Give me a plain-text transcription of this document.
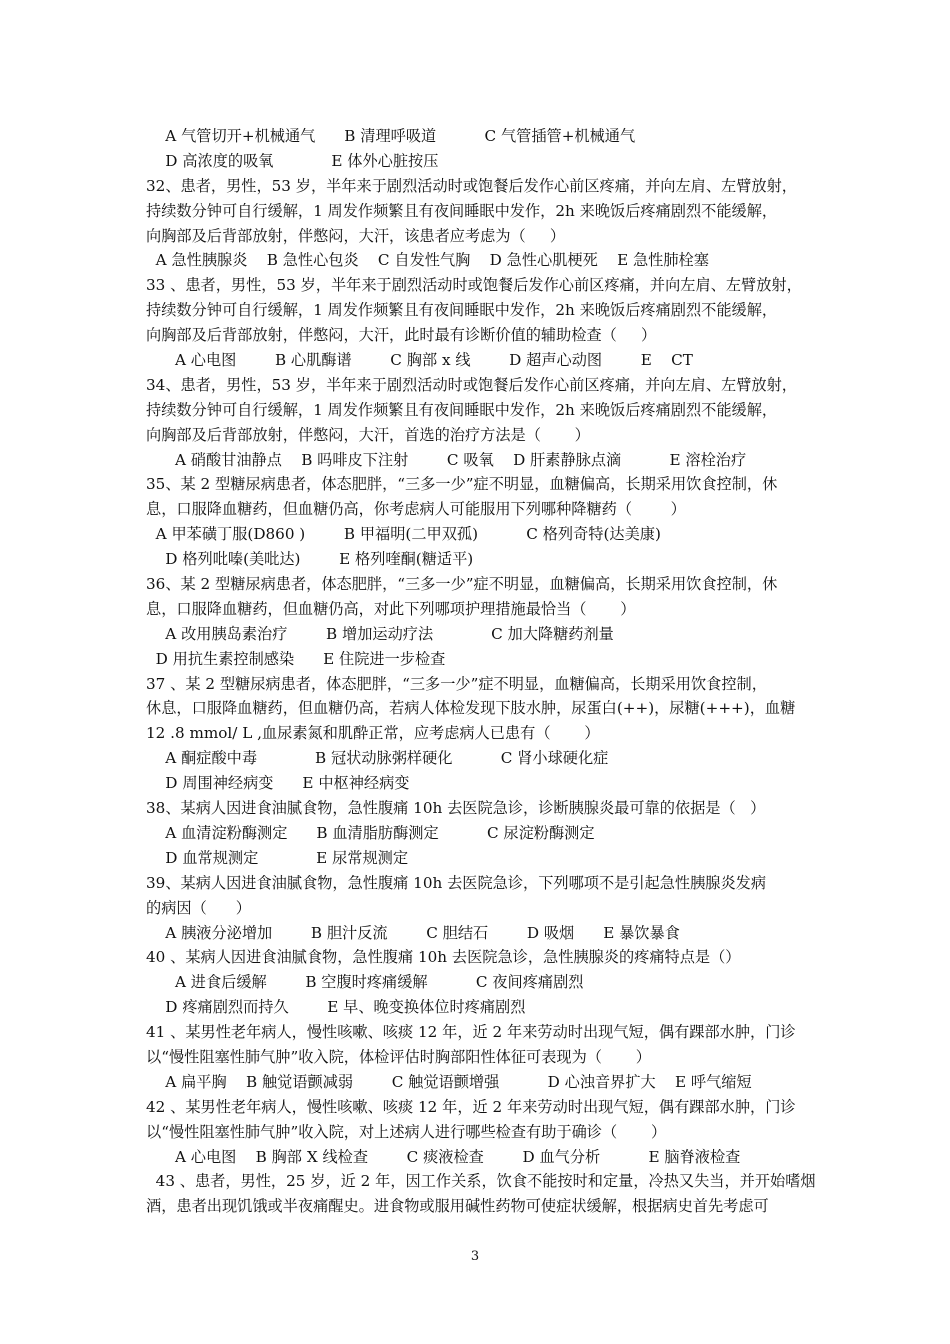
A 气管切开+机械通气      B 清理呼吸道          C 气管插管+机械通气
D 高浓度的吸氧            E 体外心脏按压
32、患者，男性，53 岁，半年来于剧烈活动时或饱餐后发作心前区疼痛，并向左肩、左臂放射，
持续数分钟可自行缓解，1 周发作频繁且有夜间睡眠中发作，2h 来晚饭后疼痛剧烈不能缓解，
向胸部及后背部放射，伴憋闷，大汗，该患者应考虑为（     ）
A 急性胰腺炎    B 急性心包炎    C 自发性气胸    D 急性心肌梗死    E 急性肺栓塞
33 、患者，男性，53 岁，半年来于剧烈活动时或饱餐后发作心前区疼痛，并向左肩、左臂放射，
持续数分钟可自行缓解，1 周发作频繁且有夜间睡眠中发作，2h 来晚饭后疼痛剧烈不能缓解，
向胸部及后背部放射，伴憋闷，大汗，此时最有诊断价值的辅助检查（     ）
A 心电图        B 心肌酶谱        C 胸部 x 线        D 超声心动图        E    CT
34、患者，男性，53 岁，半年来于剧烈活动时或饱餐后发作心前区疼痛，并向左肩、左臂放射，
持续数分钟可自行缓解，1 周发作频繁且有夜间睡眠中发作，2h 来晚饭后疼痛剧烈不能缓解，
向胸部及后背部放射，伴憋闷，大汗，首选的治疗方法是（       ）
A 硝酸甘油静点    B 吗啡皮下注射        C 吸氧    D 肝素静脉点滴          E 溶栓治疗
35、某 2 型糖尿病患者，体态肥胖，“三多一少”症不明显，血糖偏高，长期采用饮食控制，休
息，口服降血糖药，但血糖仍高，你考虑病人可能服用下列哪种降糖药（        ）
A 甲苯磺丁服(D860 )        B 甲福明(二甲双孤)          C 格列奇特(达美康)
D 格列吡嗪(美吡达)        E 格列喹酮(糖适平)
36、某 2 型糖尿病患者，体态肥胖，“三多一少”症不明显，血糖偏高，长期采用饮食控制，休
息，口服降血糖药，但血糖仍高，对此下列哪项护理措施最恰当（       ）
A 改用胰岛素治疗        B 增加运动疗法            C 加大降糖药剂量
D 用抗生素控制感染      E 住院进一步检查
37 、某 2 型糖尿病患者，体态肥胖，“三多一少”症不明显，血糖偏高，长期采用饮食控制，
休息，口服降血糖药，但血糖仍高，若病人体检发现下肢水肿，尿蛋白(++)，尿糖(+++)，血糖
12 .8 mmol/ L ,血尿素氮和肌酔正常，应考虑病人已患有（       ）
A 酮症酸中毒            B 冠状动脉粥样硬化          C 肾小球硬化症
D 周围神经病变      E 中枢神经病变
38、某病人因进食油腻食物，急性腹痛 10h 去医院急诊，诊断胰腺炎最可靠的依据是（   ）
A 血清淀粉酶测定      B 血清脂肪酶测定          C 尿淀粉酶测定
D 血常规测定            E 尿常规测定
39、某病人因进食油腻食物，急性腹痛 10h 去医院急诊，下列哪项不是引起急性胰腺炎发病
的病因（      ）
A 胰液分泌增加        B 胆汁反流        C 胆结石        D 吸烟      E 暴饮暴食
40 、某病人因进食油腻食物，急性腹痛 10h 去医院急诊，急性胰腺炎的疼痛特点是（）
A 进食后缓解        B 空腹时疼痛缓解          C 夜间疼痛剧烈
D 疼痛剧烈而持久        E 早、晚变换体位时疼痛剧烈
41 、某男性老年病人，慢性咳嗽、咳痰 12 年，近 2 年来劳动时出现气短，偶有踝部水肿，门诊
以“慢性阻塞性肺气肿”收入院，体检评估时胸部阳性体征可表现为（       ）
A 扁平胸    B 触觉语颤减弱        C 触觉语颤增强          D 心浊音界扩大    E 呼气缩短
42 、某男性老年病人，慢性咳嗽、咳痰 12 年，近 2 年来劳动时出现气短，偶有踝部水肿，门诊
以“慢性阻塞性肺气肿”收入院，对上述病人进行哪些检查有助于确诊（       ）
A 心电图    B 胸部 X 线检查        C 痰液检查        D 血气分析          E 脑脊液检查
43 、患者，男性，25 岁，近 2 年，因工作关系，饮食不能按时和定量，冷热又失当，并开始嗜烟
酒，患者出现饥饿或半夜痛醒史。进食物或服用碱性药物可使症状缓解，根据病史首先考虑可
3
